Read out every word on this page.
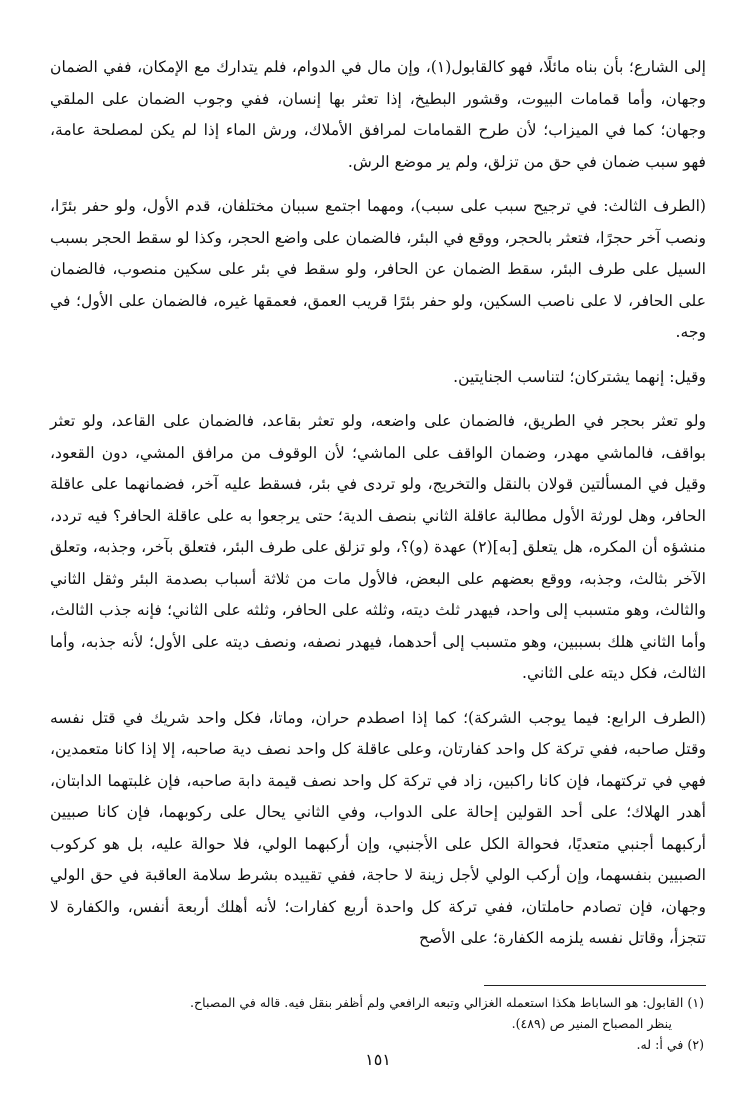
إلى الشارع؛ بأن بناه مائلًا، فهو كالقابول(١)، وإن مال في الدوام، فلم يتدارك مع الإمكان، ففي الضمان وجهان، وأما قمامات البيوت، وقشور البطيخ، إذا تعثر بها إنسان، ففي وجوب الضمان على الملقي وجهان؛ كما في الميزاب؛ لأن طرح القمامات لمرافق الأملاك، ورش الماء إذا لم يكن لمصلحة عامة، فهو سبب ضمان في حق من تزلق، ولم ير موضع الرش.

(الطرف الثالث: في ترجيح سبب على سبب)، ومهما اجتمع سببان مختلفان، قدم الأول، ولو حفر بئرًا، ونصب آخر حجرًا، فتعثر بالحجر، ووقع في البئر، فالضمان على واضع الحجر، وكذا لو سقط الحجر بسبب السيل على طرف البئر، سقط الضمان عن الحافر، ولو سقط في بئر على سكين منصوب، فالضمان على الحافر، لا على ناصب السكين، ولو حفر بئرًا قريب العمق، فعمقها غيره، فالضمان على الأول؛ في وجه.

وقيل: إنهما يشتركان؛ لتناسب الجنايتين.

ولو تعثر بحجر في الطريق، فالضمان على واضعه، ولو تعثر بقاعد، فالضمان على القاعد، ولو تعثر بواقف، فالماشي مهدر، وضمان الواقف على الماشي؛ لأن الوقوف من مرافق المشي، دون القعود، وقيل في المسألتين قولان بالنقل والتخريج، ولو تردى في بئر، فسقط عليه آخر، فضمانهما على عاقلة الحافر، وهل لورثة الأول مطالبة عاقلة الثاني بنصف الدية؛ حتى يرجعوا به على عاقلة الحافر؟ فيه تردد، منشؤه أن المكره، هل يتعلق [به](٢) عهدة (و)؟، ولو تزلق على طرف البئر، فتعلق بآخر، وجذبه، وتعلق الآخر بثالث، وجذبه، ووقع بعضهم على البعض، فالأول مات من ثلاثة أسباب بصدمة البئر وثقل الثاني والثالث، وهو متسبب إلى واحد، فيهدر ثلث ديته، وثلثه على الحافر، وثلثه على الثاني؛ فإنه جذب الثالث، وأما الثاني هلك بسببين، وهو متسبب إلى أحدهما، فيهدر نصفه، ونصف ديته على الأول؛ لأنه جذبه، وأما الثالث، فكل ديته على الثاني.

(الطرف الرابع: فيما يوجب الشركة)؛ كما إذا اصطدم حران، وماتا، فكل واحد شريك في قتل نفسه وقتل صاحبه، ففي تركة كل واحد كفارتان، وعلى عاقلة كل واحد نصف دية صاحبه، إلا إذا كانا متعمدين، فهي في تركتهما، فإن كانا راكبين، زاد في تركة كل واحد نصف قيمة دابة صاحبه، فإن غلبتهما الدابتان، أهدر الهلاك؛ على أحد القولين إحالة على الدواب، وفي الثاني يحال على ركوبهما، فإن كانا صبيين أركبهما أجنبي متعديًا، فحوالة الكل على الأجنبي، وإن أركبهما الولي، فلا حوالة عليه، بل هو كركوب الصبيين بنفسهما، وإن أركب الولي لأجل زينة لا حاجة، ففي تقييده بشرط سلامة العاقبة في حق الولي وجهان، فإن تصادم حاملتان، ففي تركة كل واحدة أربع كفارات؛ لأنه أهلك أربعة أنفس، والكفارة لا تتجزأ، وقاتل نفسه يلزمه الكفارة؛ على الأصح

(١) القابول: هو الساباط هكذا استعمله الغزالي وتبعه الرافعي ولم أظفر بنقل فيه. قاله في المصباح.

ينظر المصباح المنير ص (٤٨٩).

(٢) في أ: له.

١٥١
